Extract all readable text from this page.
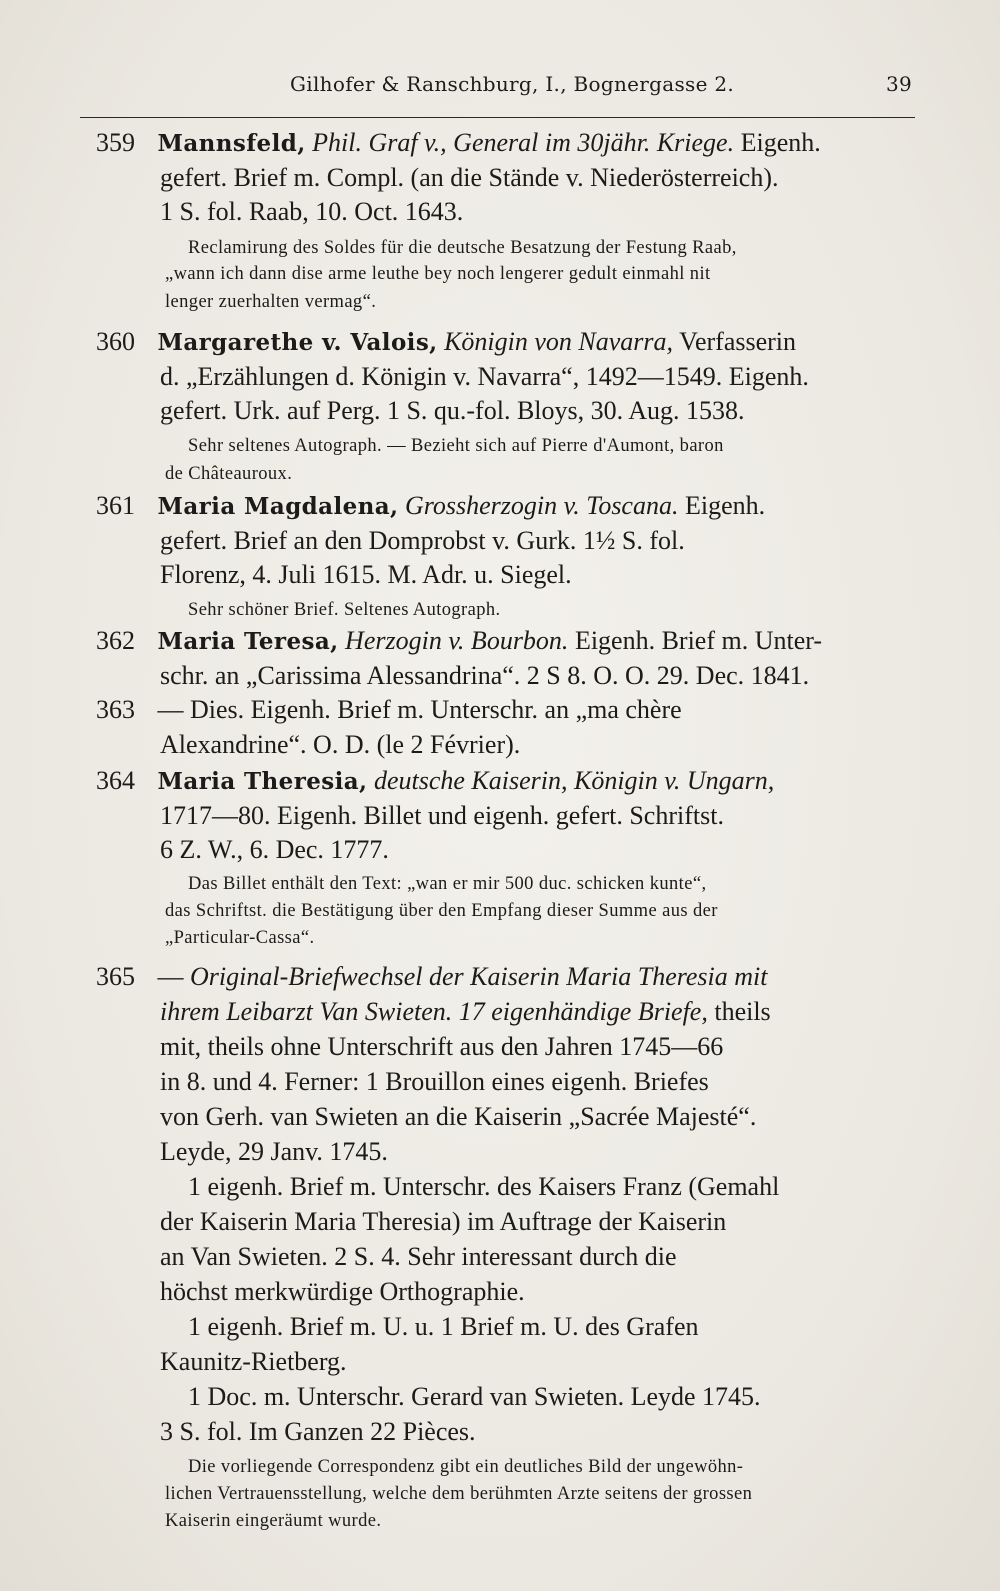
Gilhofer & Ranschburg, I., Bognergasse 2.	39
359 Mannsfeld, Phil. Graf v., General im 30jähr. Kriege. Eigenh.
gefert. Brief m. Compl. (an die Stände v. Niederösterreich).
1 S. fol. Raab, 10. Oct. 1643.
Reclamirung des Soldes für die deutsche Besatzung der Festung Raab,
„wann ich dann dise arme leuthe bey noch lengerer gedult einmahl nit
lenger zuerhalten vermag“.
360 Margarethe v. Valois, Königin von Navarra, Verfasserin
d. „Erzählungen d. Königin v. Navarra“, 1492—1549. Eigenh.
gefert. Urk. auf Perg. 1 S. qu.-fol. Bloys, 30. Aug. 1538.
Sehr seltenes Autograph. — Bezieht sich auf Pierre d'Aumont, baron
de Châteauroux.
361 Maria Magdalena, Grossherzogin v. Toscana. Eigenh.
gefert. Brief an den Domprobst v. Gurk. 1½ S. fol.
Florenz, 4. Juli 1615. M. Adr. u. Siegel.
Sehr schöner Brief. Seltenes Autograph.
362 Maria Teresa, Herzogin v. Bourbon. Eigenh. Brief m. Unter-
schr. an „Carissima Alessandrina“. 2 S 8. O. O. 29. Dec. 1841.
363 — Dies. Eigenh. Brief m. Unterschr. an „ma chère
Alexandrine“. O. D. (le 2 Février).
364 Maria Theresia, deutsche Kaiserin, Königin v. Ungarn,
1717—80. Eigenh. Billet und eigenh. gefert. Schriftst.
6 Z. W., 6. Dec. 1777.
Das Billet enthält den Text: „wan er mir 500 duc. schicken kunte“,
das Schriftst. die Bestätigung über den Empfang dieser Summe aus der
„Particular-Cassa“.
365 — Original-Briefwechsel der Kaiserin Maria Theresia mit
ihrem Leibarzt Van Swieten. 17 eigenhändige Briefe, theils
mit, theils ohne Unterschrift aus den Jahren 1745—66
in 8. und 4. Ferner: 1 Brouillon eines eigenh. Briefes
von Gerh. van Swieten an die Kaiserin „Sacrée Majesté“.
Leyde, 29 Janv. 1745.
1 eigenh. Brief m. Unterschr. des Kaisers Franz (Gemahl
der Kaiserin Maria Theresia) im Auftrage der Kaiserin
an Van Swieten. 2 S. 4. Sehr interessant durch die
höchst merkwürdige Orthographie.
1 eigenh. Brief m. U. u. 1 Brief m. U. des Grafen
Kaunitz-Rietberg.
1 Doc. m. Unterschr. Gerard van Swieten. Leyde 1745.
3 S. fol. Im Ganzen 22 Pièces.
Die vorliegende Correspondenz gibt ein deutliches Bild der ungewöhn-
lichen Vertrauensstellung, welche dem berühmten Arzte seitens der grossen
Kaiserin eingeräumt wurde.
